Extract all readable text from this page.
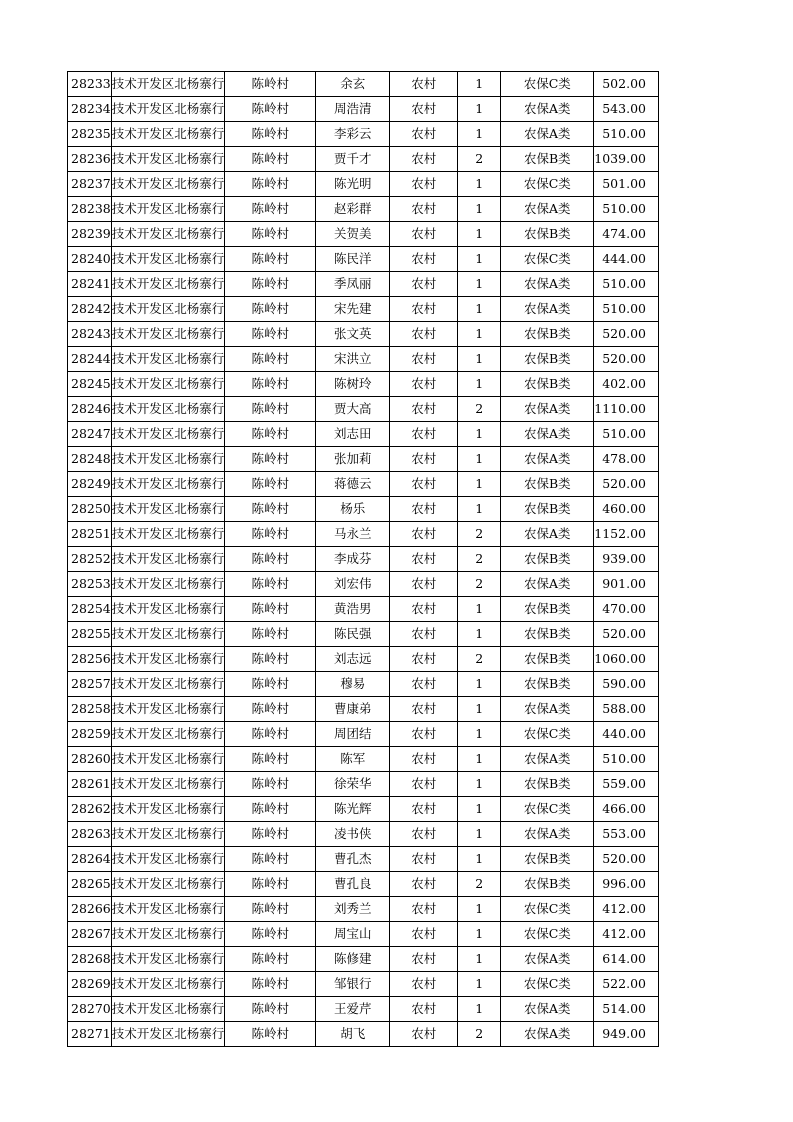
28233	技术开发区北杨寨行	陈岭村	余玄	农村	1	农保C类	502.00
28234	技术开发区北杨寨行	陈岭村	周浩清	农村	1	农保A类	543.00
28235	技术开发区北杨寨行	陈岭村	李彩云	农村	1	农保A类	510.00
28236	技术开发区北杨寨行	陈岭村	贾千才	农村	2	农保B类	1039.00
28237	技术开发区北杨寨行	陈岭村	陈光明	农村	1	农保C类	501.00
28238	技术开发区北杨寨行	陈岭村	赵彩群	农村	1	农保A类	510.00
28239	技术开发区北杨寨行	陈岭村	关贺美	农村	1	农保B类	474.00
28240	技术开发区北杨寨行	陈岭村	陈民洋	农村	1	农保C类	444.00
28241	技术开发区北杨寨行	陈岭村	季凤丽	农村	1	农保A类	510.00
28242	技术开发区北杨寨行	陈岭村	宋先建	农村	1	农保A类	510.00
28243	技术开发区北杨寨行	陈岭村	张文英	农村	1	农保B类	520.00
28244	技术开发区北杨寨行	陈岭村	宋洪立	农村	1	农保B类	520.00
28245	技术开发区北杨寨行	陈岭村	陈树玲	农村	1	农保B类	402.00
28246	技术开发区北杨寨行	陈岭村	贾大高	农村	2	农保A类	1110.00
28247	技术开发区北杨寨行	陈岭村	刘志田	农村	1	农保A类	510.00
28248	技术开发区北杨寨行	陈岭村	张加莉	农村	1	农保A类	478.00
28249	技术开发区北杨寨行	陈岭村	蒋德云	农村	1	农保B类	520.00
28250	技术开发区北杨寨行	陈岭村	杨乐	农村	1	农保B类	460.00
28251	技术开发区北杨寨行	陈岭村	马永兰	农村	2	农保A类	1152.00
28252	技术开发区北杨寨行	陈岭村	李成芬	农村	2	农保B类	939.00
28253	技术开发区北杨寨行	陈岭村	刘宏伟	农村	2	农保A类	901.00
28254	技术开发区北杨寨行	陈岭村	黄浩男	农村	1	农保B类	470.00
28255	技术开发区北杨寨行	陈岭村	陈民强	农村	1	农保B类	520.00
28256	技术开发区北杨寨行	陈岭村	刘志远	农村	2	农保B类	1060.00
28257	技术开发区北杨寨行	陈岭村	穆易	农村	1	农保B类	590.00
28258	技术开发区北杨寨行	陈岭村	曹康弟	农村	1	农保A类	588.00
28259	技术开发区北杨寨行	陈岭村	周团结	农村	1	农保C类	440.00
28260	技术开发区北杨寨行	陈岭村	陈军	农村	1	农保A类	510.00
28261	技术开发区北杨寨行	陈岭村	徐荣华	农村	1	农保B类	559.00
28262	技术开发区北杨寨行	陈岭村	陈光辉	农村	1	农保C类	466.00
28263	技术开发区北杨寨行	陈岭村	凌书侠	农村	1	农保A类	553.00
28264	技术开发区北杨寨行	陈岭村	曹孔杰	农村	1	农保B类	520.00
28265	技术开发区北杨寨行	陈岭村	曹孔良	农村	2	农保B类	996.00
28266	技术开发区北杨寨行	陈岭村	刘秀兰	农村	1	农保C类	412.00
28267	技术开发区北杨寨行	陈岭村	周宝山	农村	1	农保C类	412.00
28268	技术开发区北杨寨行	陈岭村	陈修建	农村	1	农保A类	614.00
28269	技术开发区北杨寨行	陈岭村	邹银行	农村	1	农保C类	522.00
28270	技术开发区北杨寨行	陈岭村	王爱芹	农村	1	农保A类	514.00
28271	技术开发区北杨寨行	陈岭村	胡飞	农村	2	农保A类	949.00
